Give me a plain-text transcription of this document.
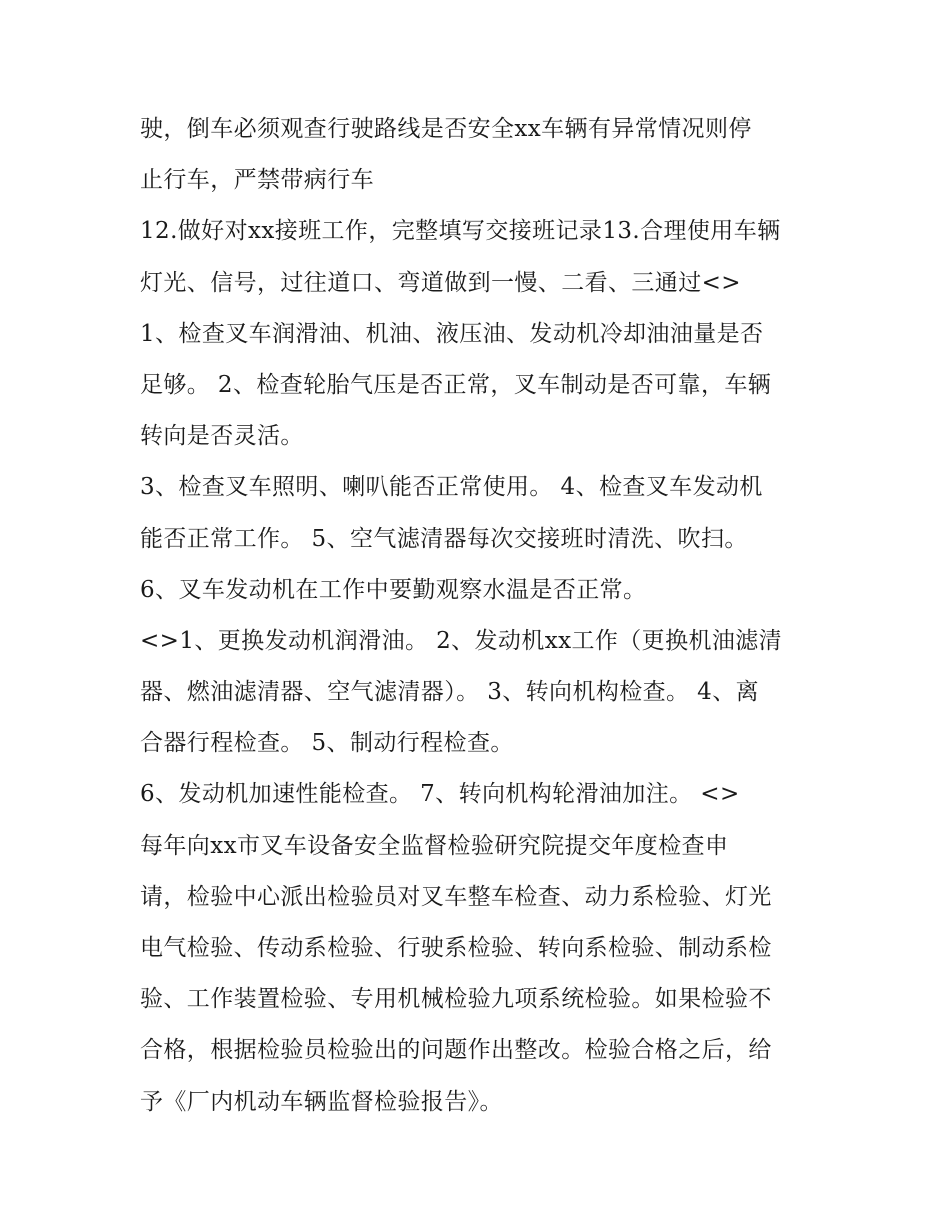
驶，倒车必须观查行驶路线是否安全xx车辆有异常情况则停
止行车，严禁带病行车
12.做好对xx接班工作，完整填写交接班记录13.合理使用车辆
灯光、信号，过往道口、弯道做到一慢、二看、三通过<>
1、检查叉车润滑油、机油、液压油、发动机冷却油油量是否
足够。 2、检查轮胎气压是否正常，叉车制动是否可靠，车辆
转向是否灵活。
3、检查叉车照明、喇叭能否正常使用。 4、检查叉车发动机
能否正常工作。 5、空气滤清器每次交接班时清洗、吹扫。
6、叉车发动机在工作中要勤观察水温是否正常。
<>1、更换发动机润滑油。 2、发动机xx工作（更换机油滤清
器、燃油滤清器、空气滤清器）。 3、转向机构检查。 4、离
合器行程检查。 5、制动行程检查。
6、发动机加速性能检查。 7、转向机构轮滑油加注。 <>
每年向xx市叉车设备安全监督检验研究院提交年度检查申
请，检验中心派出检验员对叉车整车检查、动力系检验、灯光
电气检验、传动系检验、行驶系检验、转向系检验、制动系检
验、工作装置检验、专用机械检验九项系统检验。如果检验不
合格，根据检验员检验出的问题作出整改。检验合格之后，给
予《厂内机动车辆监督检验报告》。
